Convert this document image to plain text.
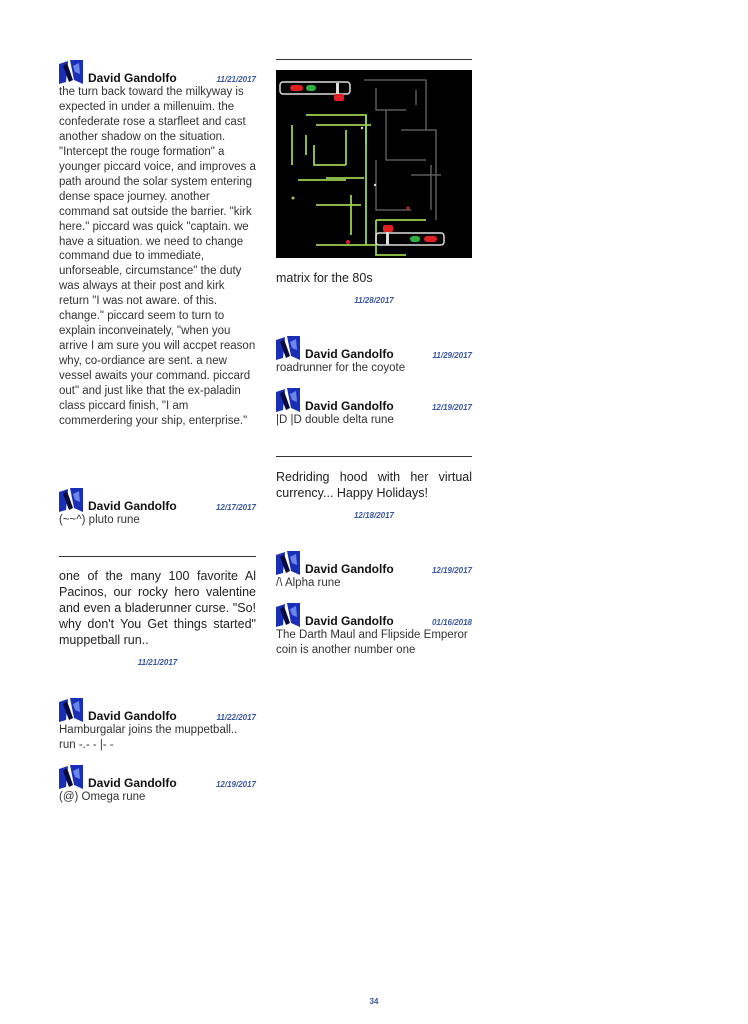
David Gandolfo	11/21/2017
the turn back toward the milkyway is expected in under a millenuim. the confederate rose a starfleet and cast another shadow on the situation. "Intercept the rouge formation" a younger piccard voice, and improves a path around the solar system entering dense space journey. another command sat outside the barrier. "kirk here." piccard was quick "captain. we have a situation. we need to change command due to immediate, unforseable, circumstance" the duty was always at their post and kirk return "I was not aware. of this. change." piccard seem to turn to explain inconveinately, "when you arrive I am sure you will accpet reason why, co-ordiance are sent. a new vessel awaits your command. piccard out" and just like that the ex-paladin class piccard finish, "I am commerdering your ship, enterprise."
David Gandolfo	12/17/2017
(~~^) pluto rune
one of the many 100 favorite Al Pacinos, our rocky hero valentine and even a bladerunner curse. "So! why don't You Get things started" muppetball run..
11/21/2017
David Gandolfo	11/22/2017
Hamburgalar joins the muppetball.. run -.- - |- -
David Gandolfo	12/19/2017
(@) Omega rune
matrix for the 80s
11/28/2017
David Gandolfo	11/29/2017
roadrunner for the coyote
David Gandolfo	12/19/2017
|D |D double delta rune
Redriding hood with her virtual currency... Happy Holidays!
12/18/2017
David Gandolfo	12/19/2017
/\ Alpha rune
David Gandolfo	01/16/2018
The Darth Maul and Flipside Emperor coin is another number one
34
